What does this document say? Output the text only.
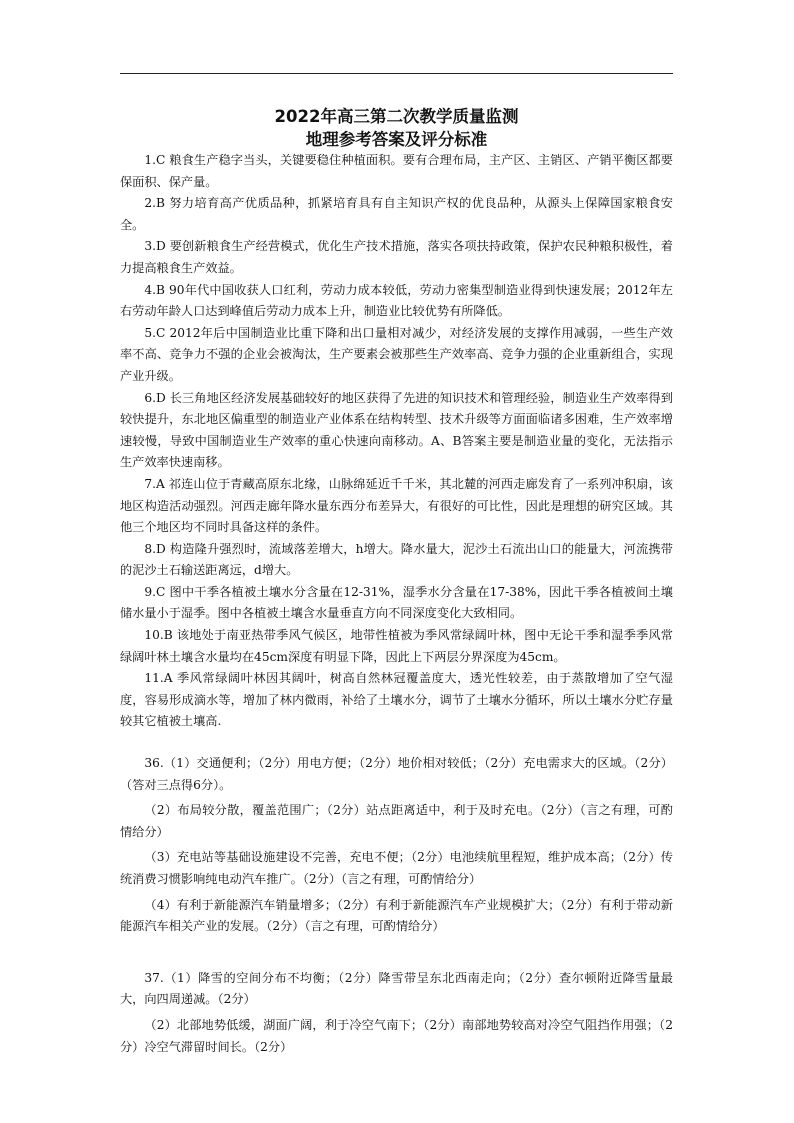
2022年高三第二次教学质量监测
地理参考答案及评分标准

1.C 粮食生产稳字当头，关键要稳住种植面积。要有合理布局，主产区、主销区、产销平衡区都要保面积、保产量。

2.B 努力培育高产优质品种，抓紧培育具有自主知识产权的优良品种，从源头上保障国家粮食安全。

3.D 要创新粮食生产经营模式，优化生产技术措施，落实各项扶持政策，保护农民种粮积极性，着力提高粮食生产效益。

4.B 90年代中国收获人口红利，劳动力成本较低，劳动力密集型制造业得到快速发展；2012年左右劳动年龄人口达到峰值后劳动力成本上升，制造业比较优势有所降低。

5.C 2012年后中国制造业比重下降和出口量相对减少，对经济发展的支撑作用减弱，一些生产效率不高、竞争力不强的企业会被淘汰，生产要素会被那些生产效率高、竞争力强的企业重新组合，实现产业升级。

6.D 长三角地区经济发展基础较好的地区获得了先进的知识技术和管理经验，制造业生产效率得到较快提升，东北地区偏重型的制造业产业体系在结构转型、技术升级等方面面临诸多困难，生产效率增速较慢，导致中国制造业生产效率的重心快速向南移动。A、B答案主要是制造业量的变化，无法指示生产效率快速南移。

7.A 祁连山位于青藏高原东北缘，山脉绵延近千千米，其北麓的河西走廊发育了一系列冲积扇，该地区构造活动强烈。河西走廊年降水量东西分布差异大，有很好的可比性，因此是理想的研究区域。其他三个地区均不同时具备这样的条件。

8.D 构造隆升强烈时，流域落差增大，h增大。降水量大，泥沙土石流出山口的能量大，河流携带的泥沙土石输送距离远，d增大。

9.C 图中干季各植被土壤水分含量在12-31%，湿季水分含量在17-38%，因此干季各植被间土壤储水量小于湿季。图中各植被土壤含水量垂直方向不同深度变化大致相同。

10.B 该地处于南亚热带季风气候区，地带性植被为季风常绿阔叶林，图中无论干季和湿季季风常绿阔叶林土壤含水量均在45cm深度有明显下降，因此上下两层分界深度为45cm。

11.A 季风常绿阔叶林因其阔叶，树高自然林冠覆盖度大，透光性较差，由于蒸散增加了空气湿度，容易形成滴水等，增加了林内微雨，补给了土壤水分，调节了土壤水分循环，所以土壤水分贮存量较其它植被土壤高.

36.（1）交通便利；（2分）用电方便；（2分）地价相对较低；（2分）充电需求大的区域。（2分）（答对三点得6分）。

（2）布局较分散，覆盖范围广；（2分）站点距离适中，利于及时充电。（2分）（言之有理，可酌情给分）

（3）充电站等基础设施建设不完善，充电不便；（2分）电池续航里程短，维护成本高；（2分）传统消费习惯影响纯电动汽车推广。（2分）（言之有理，可酌情给分）

（4）有利于新能源汽车销量增多；（2分）有利于新能源汽车产业规模扩大；（2分）有利于带动新能源汽车相关产业的发展。（2分）（言之有理，可酌情给分）

37.（1）降雪的空间分布不均衡；（2分）降雪带呈东北西南走向；（2分）查尔顿附近降雪量最大，向四周递减。（2分）

（2）北部地势低缓，湖面广阔，利于冷空气南下；（2分）南部地势较高对冷空气阻挡作用强；（2分）冷空气滞留时间长。（2分）
